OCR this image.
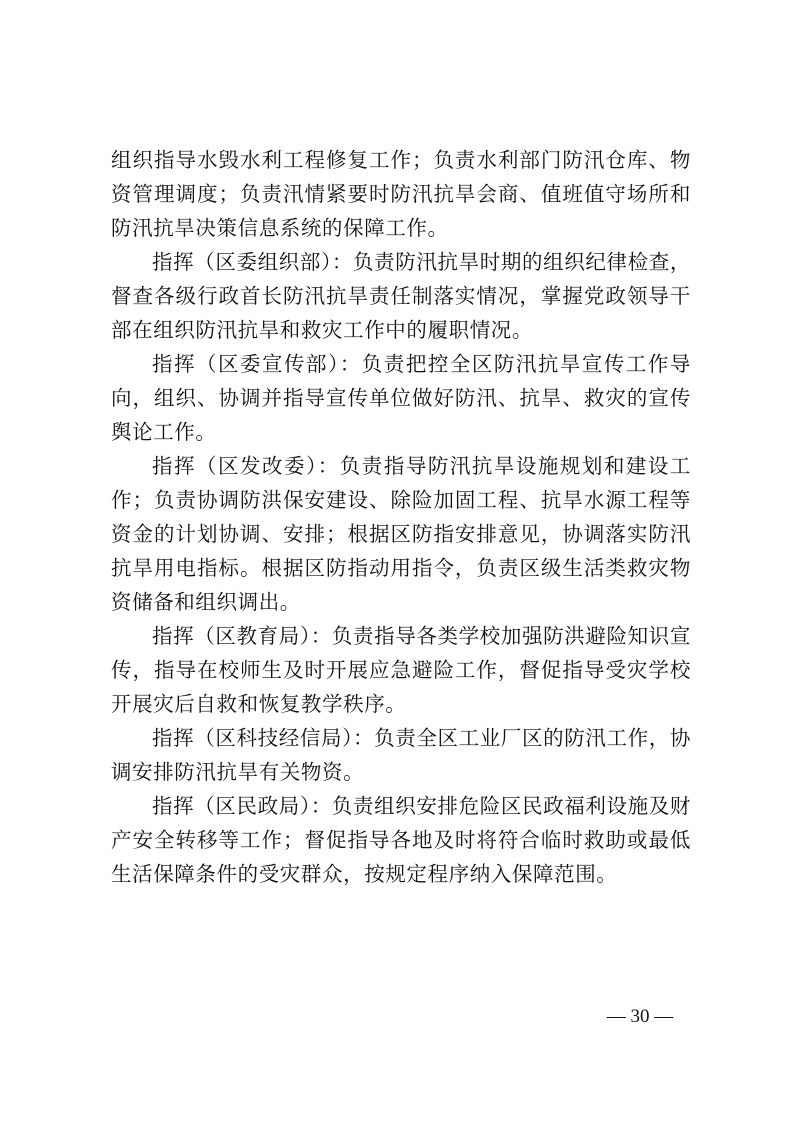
组织指导水毁水利工程修复工作；负责水利部门防汛仓库、物资管理调度；负责汛情紧要时防汛抗旱会商、值班值守场所和防汛抗旱决策信息系统的保障工作。

指挥（区委组织部）：负责防汛抗旱时期的组织纪律检查，督查各级行政首长防汛抗旱责任制落实情况，掌握党政领导干部在组织防汛抗旱和救灾工作中的履职情况。

指挥（区委宣传部）：负责把控全区防汛抗旱宣传工作导向，组织、协调并指导宣传单位做好防汛、抗旱、救灾的宣传舆论工作。

指挥（区发改委）：负责指导防汛抗旱设施规划和建设工作；负责协调防洪保安建设、除险加固工程、抗旱水源工程等资金的计划协调、安排；根据区防指安排意见，协调落实防汛抗旱用电指标。根据区防指动用指令，负责区级生活类救灾物资储备和组织调出。

指挥（区教育局）：负责指导各类学校加强防洪避险知识宣传，指导在校师生及时开展应急避险工作，督促指导受灾学校开展灾后自救和恢复教学秩序。

指挥（区科技经信局）：负责全区工业厂区的防汛工作，协调安排防汛抗旱有关物资。

指挥（区民政局）：负责组织安排危险区民政福利设施及财产安全转移等工作；督促指导各地及时将符合临时救助或最低生活保障条件的受灾群众，按规定程序纳入保障范围。

— 30 —
